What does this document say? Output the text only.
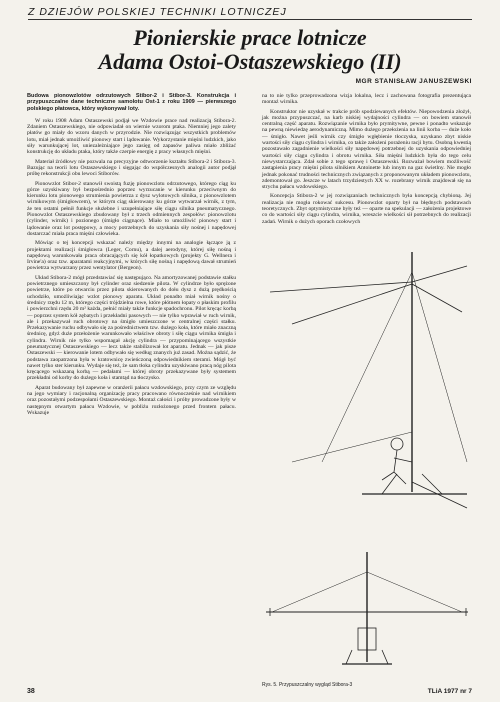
Z DZIEJÓW POLSKIEJ TECHNIKI LOTNICZEJ
Pionierskie prace lotnicze
Adama Ostoi-Ostaszewskiego (II)
MGR STANISŁAW JANUSZEWSKI

Budowa pionowzlotów odrzutowych Stibor-2 i Stibor-3. Konstrukcja i przypuszczalne dane techniczne samolotu Ost-1 z roku 1909 — pierwszego polskiego płatowca, który wykonywał loty.

W roku 1908 Adam Ostaszewski podjął we Wzdowie prace nad realizacją Stibora-2. Zdaniem Ostaszewskiego, nie odpowiadał on wiernie wzorom ptaka. Niemniej jego zalety płatów go miały do wzoru danych w przyrodzie. Nie rozwiązując wszystkich problemów lotu, miał jednak umożliwić pionowy start i lądowanie. Wykorzystanie mięśni ludzkich, jako siły warunkującej lot, uniezależniające jego zasięg od zapasów paliwa miało zbliżać konstrukcję do układu ptaka, który także czerpie energię z pracy własnych mięśni.

Materiał źródłowy nie pozwala na precyzyjne odtworzenie kształtu Stibora-2 i Stibora-3. Bazując na teorii lotu Ostaszewskiego i sięgając do współczesnych analogii autor podjął próbę rekonstrukcji obu lewoci Stiborów.

Pionowzlot Stibor-2 stanowił swoistą fuzję pionowzlotu odrzutowego, którego ciąg ku górze uzyskiwany był bezpośrednio poprzez wyrzucanie w kierunku przeciwnym do kierunku lotu pionowego strumienia powietrza z dysz wylotowych silnika, z pionowzlotem wirnikowym (śmigłowcem), w którym ciąg skierowany ku górze wytwarzał wirnik, z tym, że ten ostatni pełnił funkcje służebne i uzupełniające siłę ciągu silnika pneumatycznego. Pionowzlot Ostaszewskiego zbudowany był z trzech odmiennych zespołów: pionowzlotu (cylinder, wirnik) i pozionego (śmigło ciągnące). Miało to umożliwić pionowy start i lądowanie oraz lot postępowy, a mocy potrzebnych do uzyskania siły nośnej i napędowej dostarczać miała praca mięśni człowieka.

Mówiąc o tej koncepcji wskazać należy między innymi na analogie łączące ją z projektami realizacji śmigłowca (Leger, Cornu), a dalej aerodyny, której siłę nośną i napędową warunkowała praca obracających się kół łopatkowych (projekty G. Wellnera i Irvine'a) oraz tzw. aparatami reakcyjnymi, w których siłę nośną i napędową dawał strumień powietrza wytwarzany przez wentylator (Bergeon).

Układ Stibora-2 mógł przedstawiać się następująco. Na amortyzowanej podstawie stałku powietrznego umieszczony był cylinder oraz siedzenie pilota. W cylindrze było sprężone powietrze, które po otwarciu przez pilota skierowanych do dołu dysz z dużą prędkością uchodziło, umożliwiając wzlot pionowy aparatu. Układ ponadto miał wirnik nośny o średnicy rzędu 12 m, którego części trójdzielna rowe, które płótnem łopaty o płaskim profilu i powierzchni rzędu 20 m² każda, pełnić miały także funkcje spadochronu. Pilot kręcąc korbą — poprzez system kół zębatych i przekładni pasowych — nie tylko wprawiał w ruch wirnik, ale i przekazywał ruch obrotowy na śmigło umieszczone w centralnej części stałku. Przekazywanie ruchu odbywało się za pośrednictwem tzw. dużego koła, które miało znaczną średnicę, gdyż duże przełożenie warunkowało właściwe obroty i siłę ciągu wirnika śmigła i cylindra. Wirnik nie tylko wspomagał akcję cylindra — przypominającego wszystkie pneumatycznej Ostaszewskiego — lecz także stabilizował lot aparatu. Jednak — jak pisze Ostaszewski — kierowanie lotem odbywało się według znanych już zasad. Można sądzić, że podstawa zaopatrzona była w kratownicę zwieńczoną odpowiednikiem sterami. Mógł być nawet tylko ster kierunku. Wydaje się też, że sam tłoka cylindra uzyskiwano pracą nóg pilota kręcącego wskazaną korbą — pedałami — której obroty przekazywane były systemem przekładni od korby do dużego koła i stamtąd na tłoczysko.

Aparat budowany był zapewne w oranżerii pałacu wzdowskiego, przy czym ze względu na jego wymiary i racjonalną organizację pracy pracowano równocześnie nad wirnikiem oraz pozostałymi podzespołami Ostaszewskiego. Montaż całości i próby prowadzone były w następnym otwartym pałacu Wzdowie, w pobliżu rozłożonego przed frontem pałacu. Wskazuje

na to nie tylko przeprowadzona wizja lokalna, lecz i zachowana fotografia prezentująca montaż wirnika.

Konstruktor nie uzyskał w trakcie prób spodziewanych efektów. Niepowodzenia złożył, jak można przypuszczać, na karb niskiej wydajności cylindra — on bowiem stanowił centralną część aparatu. Rozwiązanie wirnika było prymitywne, pewne i ponadto wskazuje na pewną niewiedzę aerodynamiczną. Mimo dużego przełożenia na linii korba — duże koło — śmigło. Nawet jeśli wirnik czy śmigło wgłębienie tłoczyska, uzyskano zbyt niskie wartości siły ciągu cylindra i wirnika, co także założeni porażeniu racji bytu. Osobną kwestią pozostawało zagadnienie wielkości siły napędowej potrzebnej do uzyskania odpowiedniej wartości siły ciągu cylindra i obrotu wirnika. Siła mięśni ludzkich była do tego celu niewystarczająca. Zdał sobie z tego sprawę i Ostaszewski. Rozważał bowiem możliwość zastąpienia pracy mięśni pilota silnikiem Antoinette lub innym na gaz świetlny. Nie mogło jednak pokonać trudności technicznych związanych z proponowanym układem pionowzlotu, zdemontował go. Jeszcze w latach trzydziestych XX w. rozebrany wirnik znajdował się na strychu pałacu wzdowskiego.

Koncepcja Stibora-2 w jej rozwiązaniach technicznych była koncepcją chybioną. Jej realizacja nie mogła rokować sukcesu. Pionowzlot oparty był na błędnych podstawach teoretycznych. Zbyt optymistyczne były też — oparte na spekulacji — założenia projektowe co do wartości siły ciągu cylindra, wirnika, wreszcie wielkości sił potrzebnych do realizacji zadań. Wirnik o dużych oporach czołowych

Rys. 5. Przypuszczalny wygląd Stibora-3
38	TLiA 1977 nr 7
